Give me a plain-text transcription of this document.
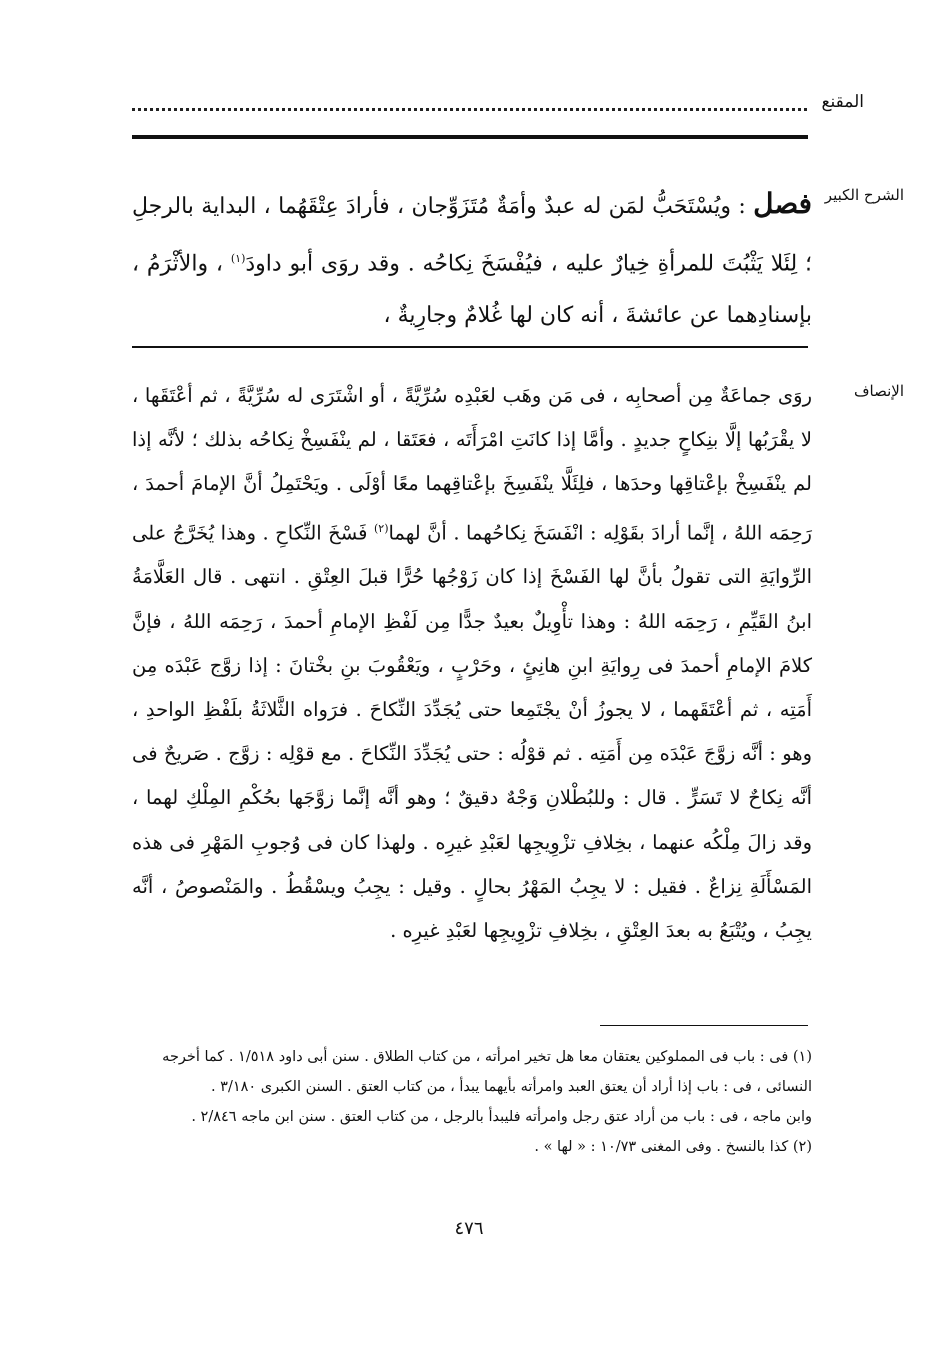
المقنع
الشرح الكبير
فصل : ويُسْتَحَبُّ لمَن له عبدٌ وأمَةٌ مُتَزَوِّجان ، فأرادَ عِتْقَهُما ، البداية بالرجلِ ؛ لِئَلا يَثْبُتَ للمرأةِ خِيارٌ عليه ، فيُفْسَخَ نِكاحُه . وقد روَى أبو داودَ$^{(١)}$ ، والأثْرَمُ ، بإسنادِهما عن عائشةَ ، أنه كان لها غُلامٌ وجارِيةٌ ،
الإنصاف
روَى جماعَةٌ مِن أصحابِه ، فى مَن وهَب لعَبْدِه سُرِّيَّةً ، أو اشْتَرَى له سُرِّيَّةً ، ثم أعْتَقَها ، لا يقْرَبُها إلَّا بنِكاحٍ جديدٍ . وأمَّا إذا كانَتِ امْرَأَتَه ، فعَتَقا ، لم ينْفَسِخْ نِكاحُه بذلك ؛ لأنَّه إذا لم ينْفَسِخْ بإعْتاقِها وحدَها ، فلِئَلَّا ينْفَسِخَ بإعْتاقِهما معًا أوْلَى . ويَحْتَمِلُ أنَّ الإمامَ أحمدَ ، رَحِمَه اللهُ ، إنَّما أرادَ بقَوْلِه : انْفَسَخَ نِكاحُهما . أنَّ لهما$^{(٢)}$ فَسْخَ النِّكاحِ . وهذا يُخَرَّجُ على الرِّوايَةِ التى تقولُ بأنَّ لها الفَسْخَ إذا كان زَوْجُها حُرًّا قبلَ العِتْقِ . انتهى . قال العَلَّامَةُ ابنُ القَيِّمِ ، رَحِمَه اللهُ : وهذا تأْوِيلٌ بعيدٌ جدًّا مِن لَفْظِ الإمامِ أحمدَ ، رَحِمَه اللهُ ، فإنَّ كلامَ الإمامِ أحمدَ فى رِوايَةِ ابنِ هانِئٍ ، وحَرْبٍ ، ويَعْقُوبَ بنِ بخْتانَ : إذا زوَّج عَبْدَه مِن أَمَتِه ، ثم أعْتَقَهما ، لا يجوزُ أنْ يجْتَمِعا حتى يُجَدِّدَ النِّكاحَ . فرَواه الثَّلاثَةُ بلَفْظِ الواحدِ ، وهو : أنَّه زوَّجَ عَبْدَه مِن أَمَتِه . ثم قوْلُه : حتى يُجَدِّدَ النِّكاحَ . مع قوْلِه : زوَّج . صَريحٌ فى أنَّه نِكاحٌ لا تَسَرٍّ . قال : وللبُطْلانِ وَجْهٌ دقيقٌ ؛ وهو أنَّه إنَّما زوَّجَها بحُكْمِ المِلْكِ لهما ، وقد زالَ مِلْكُه عنهما ، بخِلافِ تزْوِيجِها لعَبْدِ غيرِه . ولهذا كان فى وُجوبِ المَهْرِ فى هذه المَسْأَلَةِ نِزاعٌ . فقيل : لا يجِبُ المَهْرُ بحالٍ . وقيل : يجِبُ ويسْقُطُ . والمَنْصوصُ ، أنَّه يجِبُ ، ويُتْبَعُ به بعدَ العِتْقِ ، بخِلافِ تزْوِيجِها لعَبْدِ غيرِه .
(١) فى : باب فى المملوكين يعتقان معا هل تخير امرأته ، من كتاب الطلاق . سنن أبى داود ١/٥١٨ . كما أخرجه
النسائى ، فى : باب إذا أراد أن يعتق العبد وامرأته بأيهما يبدأ ، من كتاب العتق . السنن الكبرى ٣/١٨٠ .
وابن ماجه ، فى : باب من أراد عتق رجل وامرأته فليبدأ بالرجل ، من كتاب العتق . سنن ابن ماجه ٢/٨٤٦ .
(٢) كذا بالنسخ . وفى المغنى ١٠/٧٣ : « لها » .
٤٧٦
